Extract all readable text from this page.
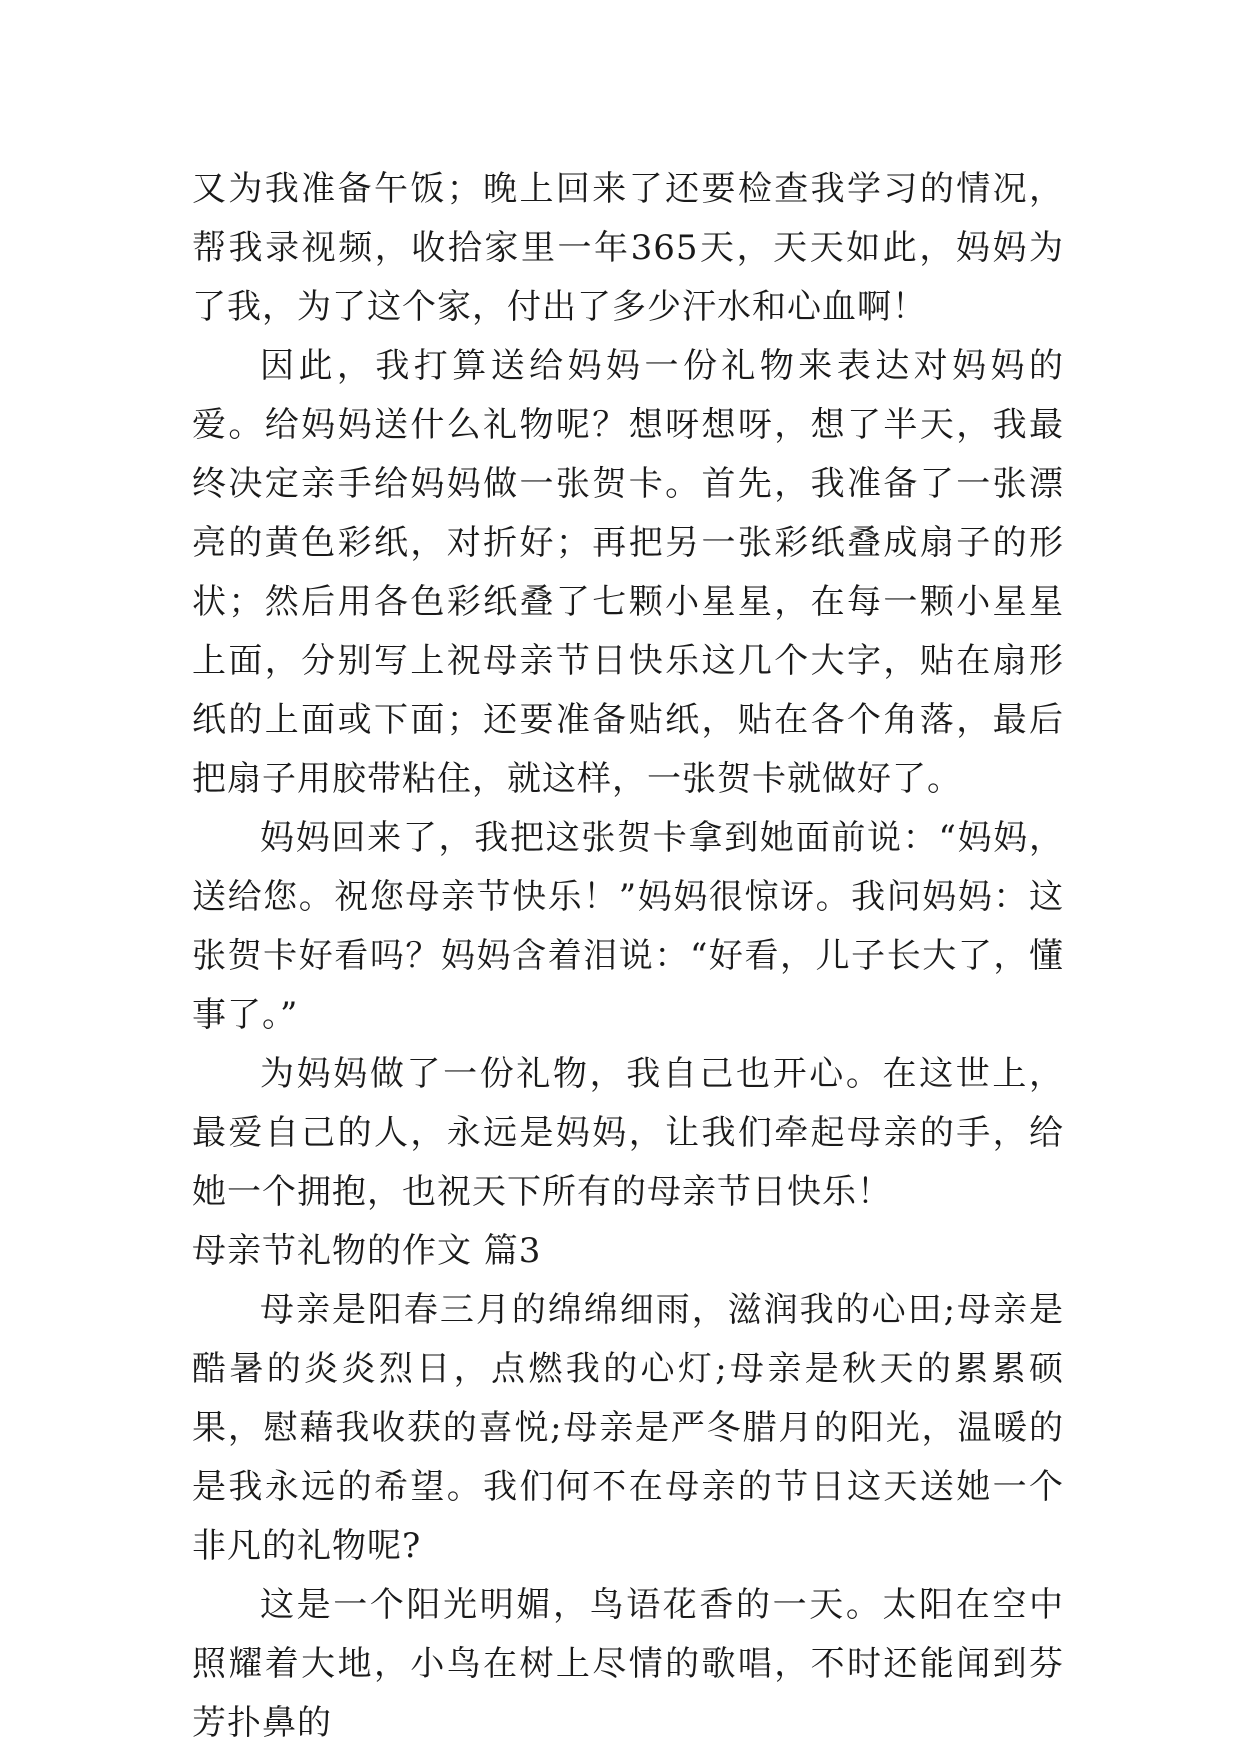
又为我准备午饭；晚上回来了还要检查我学习的情况，帮我录视频，收拾家里一年365天，天天如此，妈妈为了我，为了这个家，付出了多少汗水和心血啊！

因此，我打算送给妈妈一份礼物来表达对妈妈的爱。给妈妈送什么礼物呢？想呀想呀，想了半天，我最终决定亲手给妈妈做一张贺卡。首先，我准备了一张漂亮的黄色彩纸，对折好；再把另一张彩纸叠成扇子的形状；然后用各色彩纸叠了七颗小星星，在每一颗小星星上面，分别写上祝母亲节日快乐这几个大字，贴在扇形纸的上面或下面；还要准备贴纸，贴在各个角落，最后把扇子用胶带粘住，就这样，一张贺卡就做好了。

妈妈回来了，我把这张贺卡拿到她面前说：“妈妈，送给您。祝您母亲节快乐！”妈妈很惊讶。我问妈妈：这张贺卡好看吗？妈妈含着泪说：“好看，儿子长大了，懂事了。”

为妈妈做了一份礼物，我自己也开心。在这世上，最爱自己的人，永远是妈妈，让我们牵起母亲的手，给她一个拥抱，也祝天下所有的母亲节日快乐！

母亲节礼物的作文 篇3

母亲是阳春三月的绵绵细雨，滋润我的心田;母亲是酷暑的炎炎烈日，点燃我的心灯;母亲是秋天的累累硕果，慰藉我收获的喜悦;母亲是严冬腊月的阳光，温暖的是我永远的希望。我们何不在母亲的节日这天送她一个非凡的礼物呢?

这是一个阳光明媚，鸟语花香的一天。太阳在空中照耀着大地，小鸟在树上尽情的歌唱，不时还能闻到芬芳扑鼻的
